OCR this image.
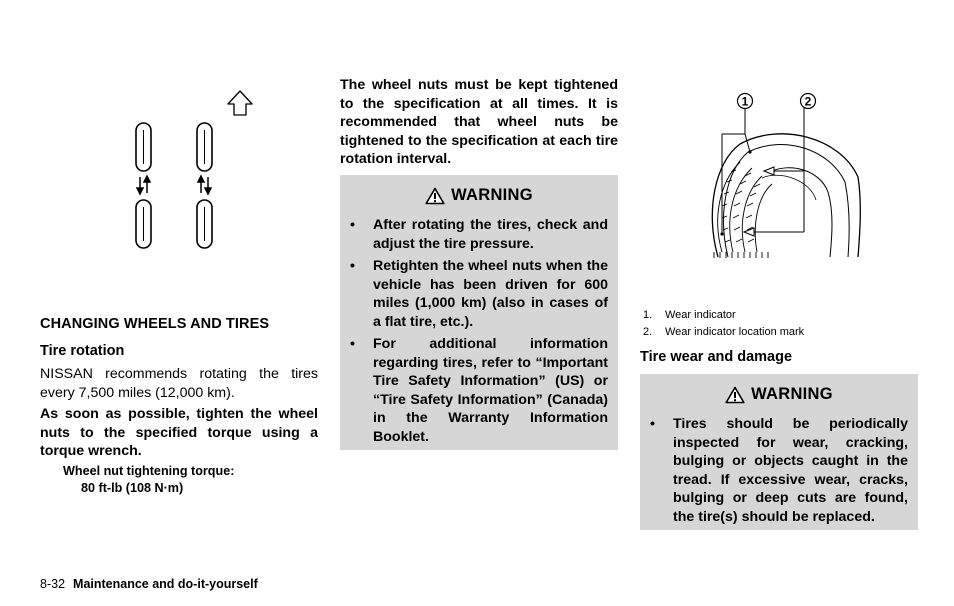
CHANGING WHEELS AND TIRES
Tire rotation
NISSAN recommends rotating the tires every 7,500 miles (12,000 km).
As soon as possible, tighten the wheel nuts to the specified torque using a torque wrench.
Wheel nut tightening torque:
80 ft-lb (108 N·m)
The wheel nuts must be kept tightened to the specification at all times. It is recommended that wheel nuts be tightened to the specification at each tire rotation interval.
WARNING
• After rotating the tires, check and adjust the tire pressure.
• Retighten the wheel nuts when the vehicle has been driven for 600 miles (1,000 km) (also in cases of a flat tire, etc.).
• For additional information regarding tires, refer to “Important Tire Safety Information” (US) or “Tire Safety Information” (Canada) in the Warranty Information Booklet.
1	2
1. Wear indicator
2. Wear indicator location mark
Tire wear and damage
WARNING
• Tires should be periodically inspected for wear, cracking, bulging or objects caught in the tread. If excessive wear, cracks, bulging or deep cuts are found, the tire(s) should be replaced.
8-32 Maintenance and do-it-yourself
